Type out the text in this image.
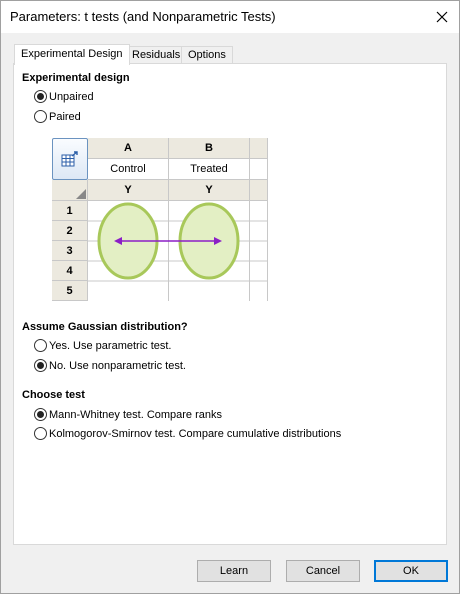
Parameters: t tests (and Nonparametric Tests)
Experimental Design Residuals Options
Experimental design
Unpaired
Paired
A	B
Control	Treated
Y	Y
1
2
3
4
5
Assume Gaussian distribution?
Yes. Use parametric test.
No. Use nonparametric test.
Choose test
Mann-Whitney test. Compare ranks
Kolmogorov-Smirnov test. Compare cumulative distributions
Learn	Cancel	OK
